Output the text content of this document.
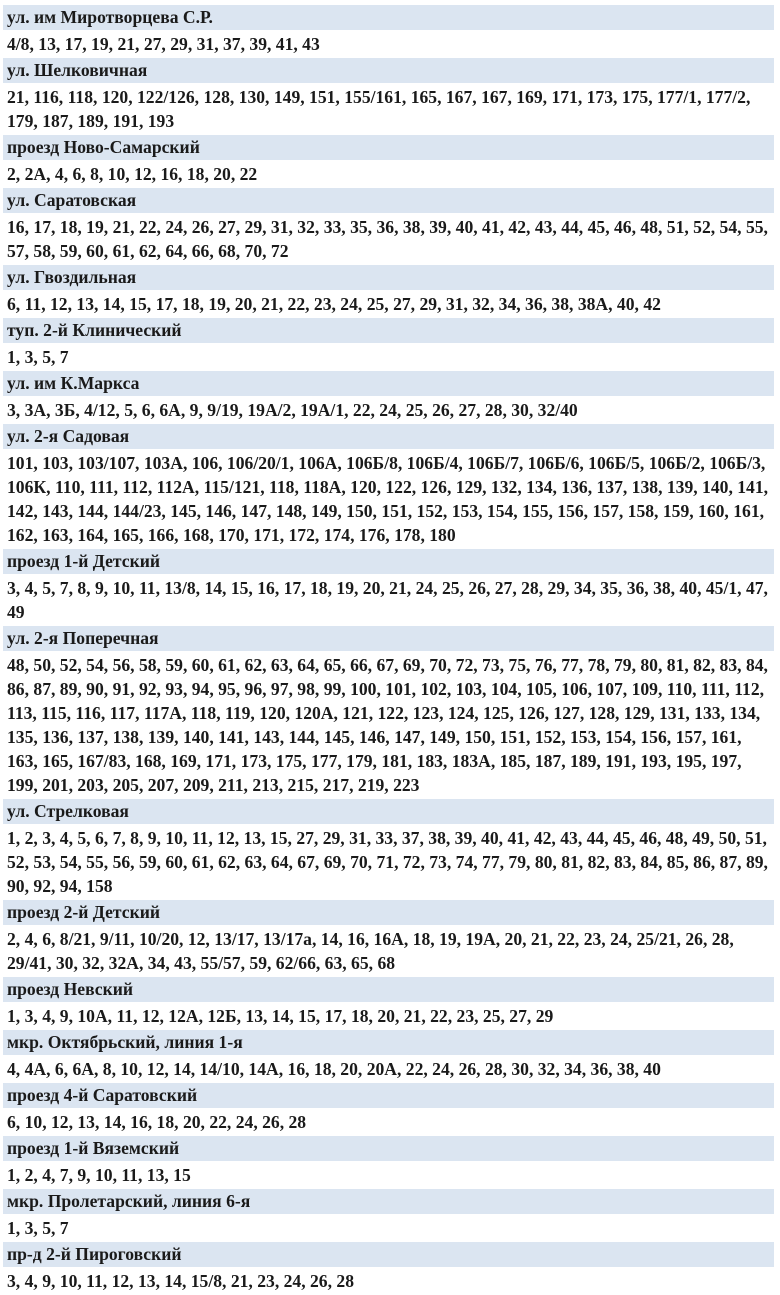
ул. им Миротворцева С.Р.
4/8, 13, 17, 19, 21, 27, 29, 31, 37, 39, 41, 43
ул. Шелковичная
21, 116, 118, 120, 122/126, 128, 130, 149, 151, 155/161, 165, 167, 167, 169, 171, 173, 175, 177/1, 177/2, 179, 187, 189, 191, 193
проезд Ново-Самарский
2, 2А, 4, 6, 8, 10, 12, 16, 18, 20, 22
ул. Саратовская
16, 17, 18, 19, 21, 22, 24, 26, 27, 29, 31, 32, 33, 35, 36, 38, 39, 40, 41, 42, 43, 44, 45, 46, 48, 51, 52, 54, 55, 57, 58, 59, 60, 61, 62, 64, 66, 68, 70, 72
ул. Гвоздильная
6, 11, 12, 13, 14, 15, 17, 18, 19, 20, 21, 22, 23, 24, 25, 27, 29, 31, 32, 34, 36, 38, 38А, 40, 42
туп. 2-й Клинический
1, 3, 5, 7
ул. им К.Маркса
3, 3А, 3Б, 4/12, 5, 6, 6А, 9, 9/19, 19А/2, 19А/1, 22, 24, 25, 26, 27, 28, 30, 32/40
ул. 2-я Садовая
101, 103, 103/107, 103А, 106, 106/20/1, 106А, 106Б/8, 106Б/4, 106Б/7, 106Б/6, 106Б/5, 106Б/2, 106Б/3, 106К, 110, 111, 112, 112А, 115/121, 118, 118А, 120, 122, 126, 129, 132, 134, 136, 137, 138, 139, 140, 141, 142, 143, 144, 144/23, 145, 146, 147, 148, 149, 150, 151, 152, 153, 154, 155, 156, 157, 158, 159, 160, 161, 162, 163, 164, 165, 166, 168, 170, 171, 172, 174, 176, 178, 180
проезд 1-й Детский
3, 4, 5, 7, 8, 9, 10, 11, 13/8, 14, 15, 16, 17, 18, 19, 20, 21, 24, 25, 26, 27, 28, 29, 34, 35, 36, 38, 40, 45/1, 47, 49
ул. 2-я Поперечная
48, 50, 52, 54, 56, 58, 59, 60, 61, 62, 63, 64, 65, 66, 67, 69, 70, 72, 73, 75, 76, 77, 78, 79, 80, 81, 82, 83, 84, 86, 87, 89, 90, 91, 92, 93, 94, 95, 96, 97, 98, 99, 100, 101, 102, 103, 104, 105, 106, 107, 109, 110, 111, 112, 113, 115, 116, 117, 117А, 118, 119, 120, 120А, 121, 122, 123, 124, 125, 126, 127, 128, 129, 131, 133, 134, 135, 136, 137, 138, 139, 140, 141, 143, 144, 145, 146, 147, 149, 150, 151, 152, 153, 154, 156, 157, 161, 163, 165, 167/83, 168, 169, 171, 173, 175, 177, 179, 181, 183, 183А, 185, 187, 189, 191, 193, 195, 197, 199, 201, 203, 205, 207, 209, 211, 213, 215, 217, 219, 223
ул. Стрелковая
1, 2, 3, 4, 5, 6, 7, 8, 9, 10, 11, 12, 13, 15, 27, 29, 31, 33, 37, 38, 39, 40, 41, 42, 43, 44, 45, 46, 48, 49, 50, 51, 52, 53, 54, 55, 56, 59, 60, 61, 62, 63, 64, 67, 69, 70, 71, 72, 73, 74, 77, 79, 80, 81, 82, 83, 84, 85, 86, 87, 89, 90, 92, 94, 158
проезд 2-й Детский
2, 4, 6, 8/21, 9/11, 10/20, 12, 13/17, 13/17а, 14, 16, 16А, 18, 19, 19А, 20, 21, 22, 23, 24, 25/21, 26, 28, 29/41, 30, 32, 32А, 34, 43, 55/57, 59, 62/66, 63, 65, 68
проезд Невский
1, 3, 4, 9, 10А, 11, 12, 12А, 12Б, 13, 14, 15, 17, 18, 20, 21, 22, 23, 25, 27, 29
мкр. Октябрьский, линия 1-я
4, 4А, 6, 6А, 8, 10, 12, 14, 14/10, 14А, 16, 18, 20, 20А, 22, 24, 26, 28, 30, 32, 34, 36, 38, 40
проезд 4-й Саратовский
6, 10, 12, 13, 14, 16, 18, 20, 22, 24, 26, 28
проезд 1-й Вяземский
1, 2, 4, 7, 9, 10, 11, 13, 15
мкр. Пролетарский, линия 6-я
1, 3, 5, 7
пр-д 2-й Пироговский
3, 4, 9, 10, 11, 12, 13, 14, 15/8, 21, 23, 24, 26, 28
